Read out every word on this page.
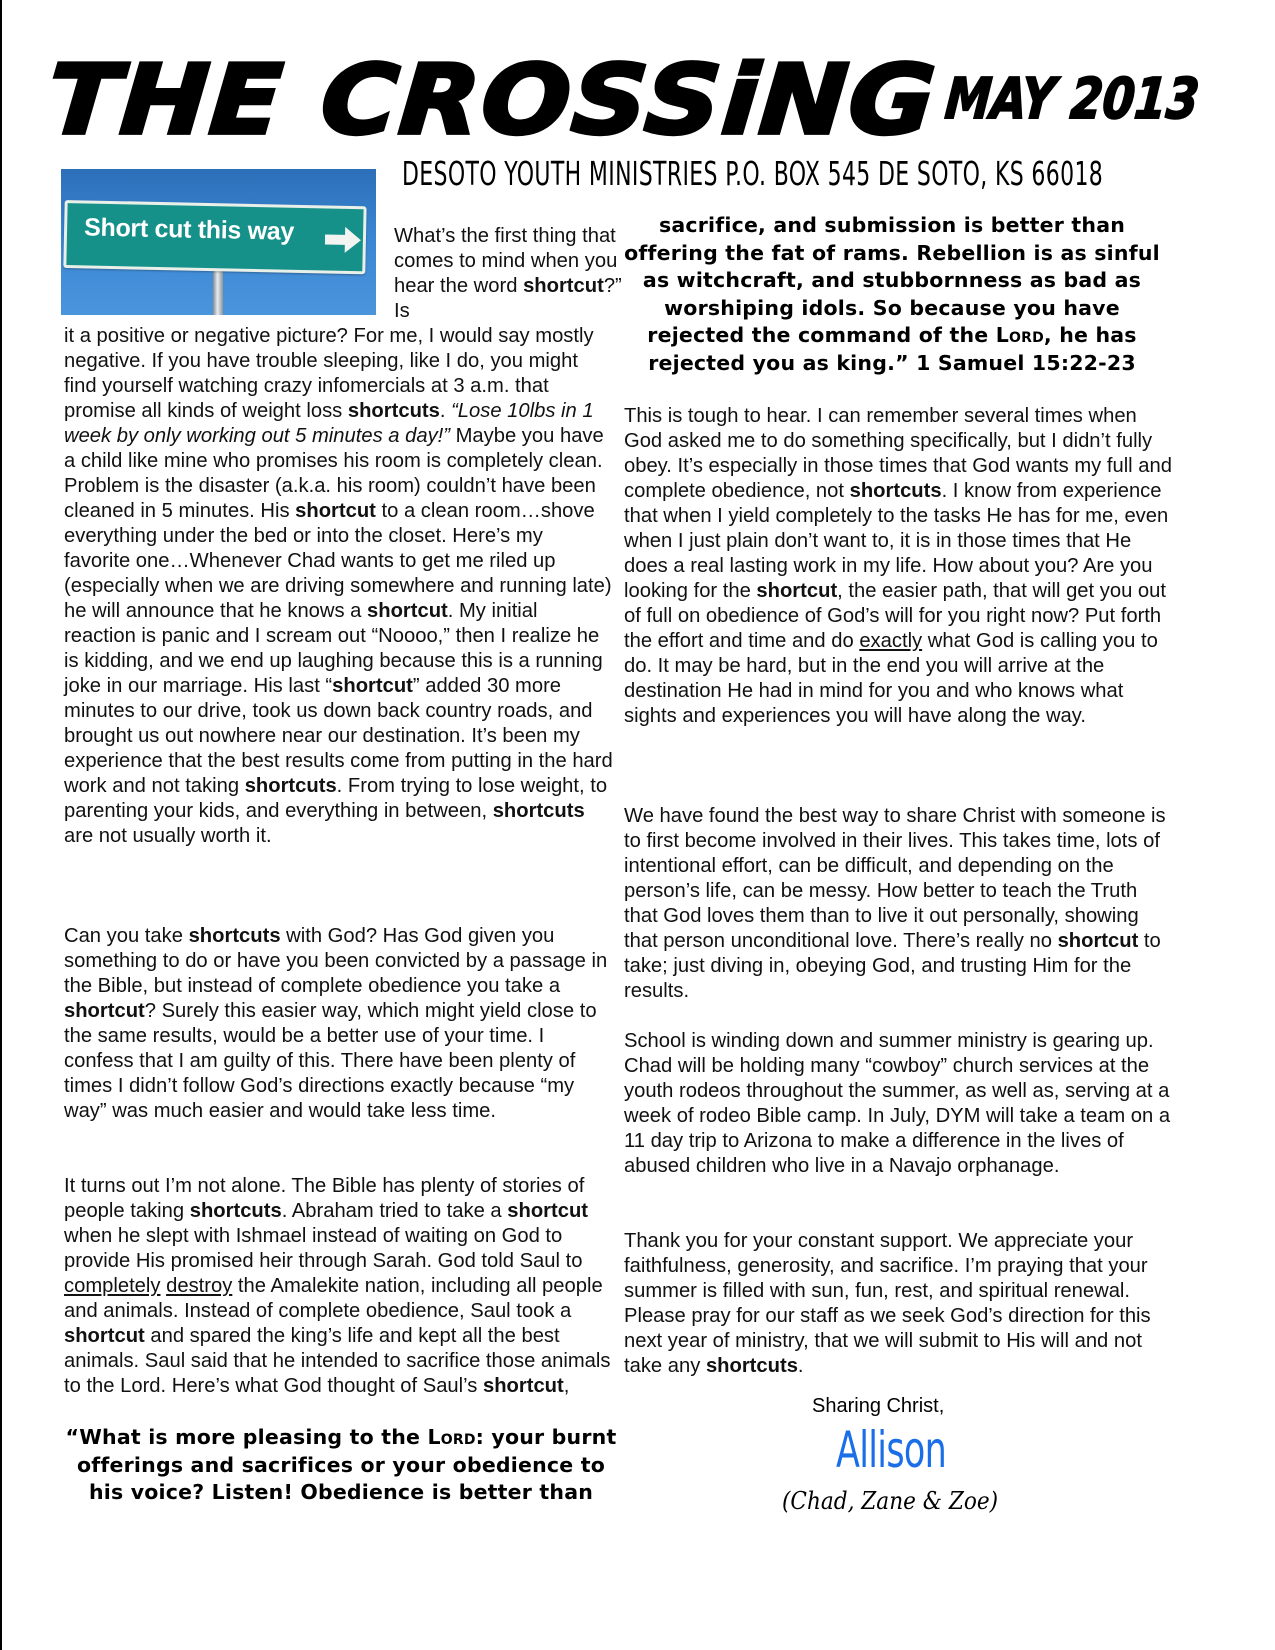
THE CROSSiNG MAY 2013
DESOTO YOUTH MINISTRIES P.O. BOX 545 DE SOTO, KS 66018
Short cut this way	What’s the first thing that comes to mind when you hear the word shortcut?” Is

it a positive or negative picture? For me, I would say mostly negative. If you have trouble sleeping, like I do, you might find yourself watching crazy infomercials at 3 a.m. that promise all kinds of weight loss shortcuts. “Lose 10lbs in 1 week by only working out 5 minutes a day!” Maybe you have a child like mine who promises his room is completely clean. Problem is the disaster (a.k.a. his room) couldn’t have been cleaned in 5 minutes. His shortcut to a clean room…shove everything under the bed or into the closet. Here’s my favorite one…Whenever Chad wants to get me riled up (especially when we are driving somewhere and running late) he will announce that he knows a shortcut. My initial reaction is panic and I scream out “Noooo,” then I realize he is kidding, and we end up laughing because this is a running joke in our marriage. His last “shortcut” added 30 more minutes to our drive, took us down back country roads, and brought us out nowhere near our destination. It’s been my experience that the best results come from putting in the hard work and not taking shortcuts. From trying to lose weight, to parenting your kids, and everything in between, shortcuts are not usually worth it.

Can you take shortcuts with God? Has God given you something to do or have you been convicted by a passage in the Bible, but instead of complete obedience you take a shortcut? Surely this easier way, which might yield close to the same results, would be a better use of your time. I confess that I am guilty of this. There have been plenty of times I didn’t follow God’s directions exactly because “my way” was much easier and would take less time.

It turns out I’m not alone. The Bible has plenty of stories of people taking shortcuts. Abraham tried to take a shortcut when he slept with Ishmael instead of waiting on God to provide His promised heir through Sarah. God told Saul to completely destroy the Amalekite nation, including all people and animals. Instead of complete obedience, Saul took a shortcut and spared the king’s life and kept all the best animals. Saul said that he intended to sacrifice those animals to the Lord. Here’s what God thought of Saul’s shortcut,

“What is more pleasing to the Lord: your burnt offerings and sacrifices or your obedience to his voice? Listen! Obedience is better than
sacrifice, and submission is better than offering the fat of rams. Rebellion is as sinful as witchcraft, and stubbornness as bad as worshiping idols. So because you have rejected the command of the Lord, he has rejected you as king.” 1 Samuel 15:22-23

This is tough to hear. I can remember several times when God asked me to do something specifically, but I didn’t fully obey. It’s especially in those times that God wants my full and complete obedience, not shortcuts. I know from experience that when I yield completely to the tasks He has for me, even when I just plain don’t want to, it is in those times that He does a real lasting work in my life. How about you? Are you looking for the shortcut, the easier path, that will get you out of full on obedience of God’s will for you right now? Put forth the effort and time and do exactly what God is calling you to do. It may be hard, but in the end you will arrive at the destination He had in mind for you and who knows what sights and experiences you will have along the way.

We have found the best way to share Christ with someone is to first become involved in their lives. This takes time, lots of intentional effort, can be difficult, and depending on the person’s life, can be messy. How better to teach the Truth that God loves them than to live it out personally, showing that person unconditional love. There’s really no shortcut to take; just diving in, obeying God, and trusting Him for the results.

School is winding down and summer ministry is gearing up. Chad will be holding many “cowboy” church services at the youth rodeos throughout the summer, as well as, serving at a week of rodeo Bible camp. In July, DYM will take a team on a 11 day trip to Arizona to make a difference in the lives of abused children who live in a Navajo orphanage.

Thank you for your constant support. We appreciate your faithfulness, generosity, and sacrifice. I’m praying that your summer is filled with sun, fun, rest, and spiritual renewal. Please pray for our staff as we seek God’s direction for this next year of ministry, that we will submit to His will and not take any shortcuts.

Sharing Christ,
Allison
(Chad, Zane & Zoe)
